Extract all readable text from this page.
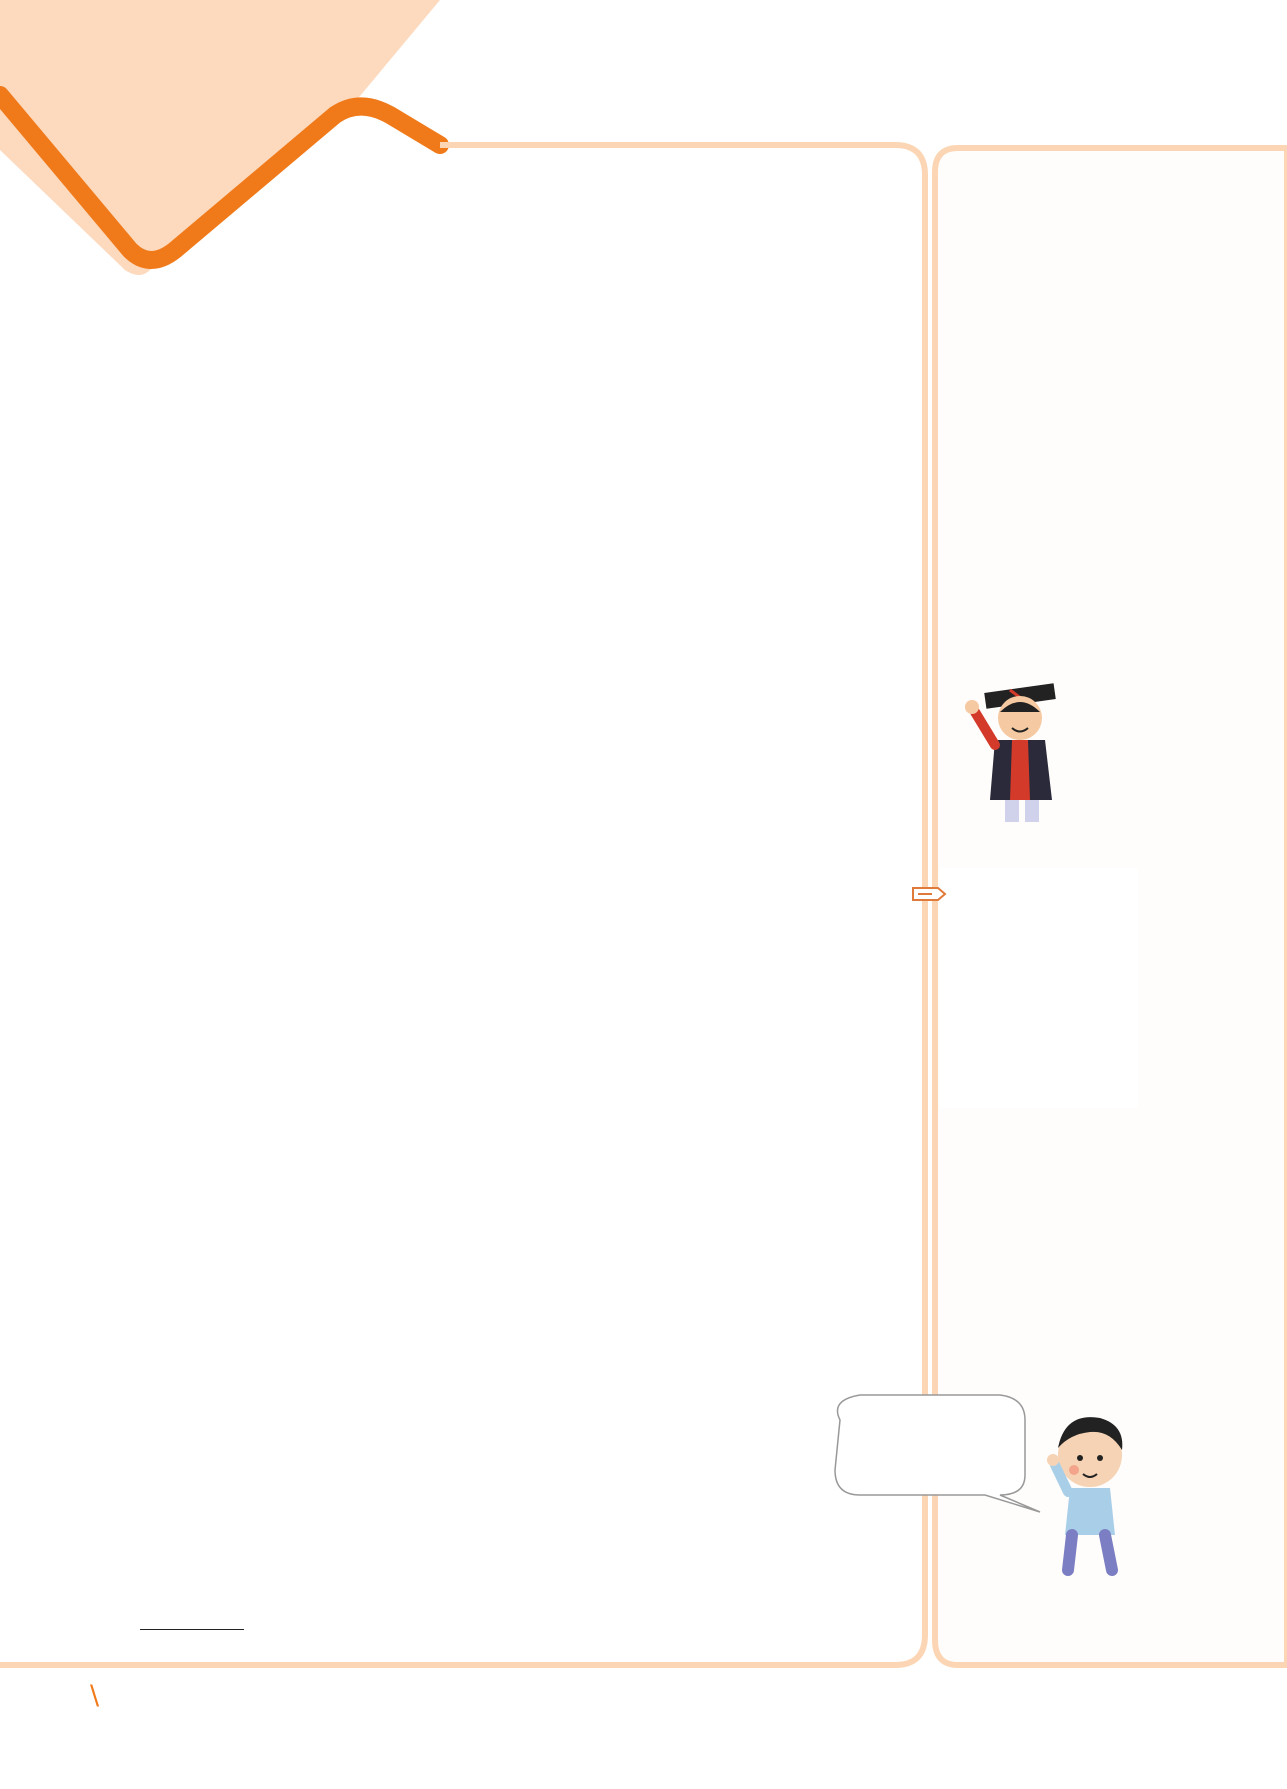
\
